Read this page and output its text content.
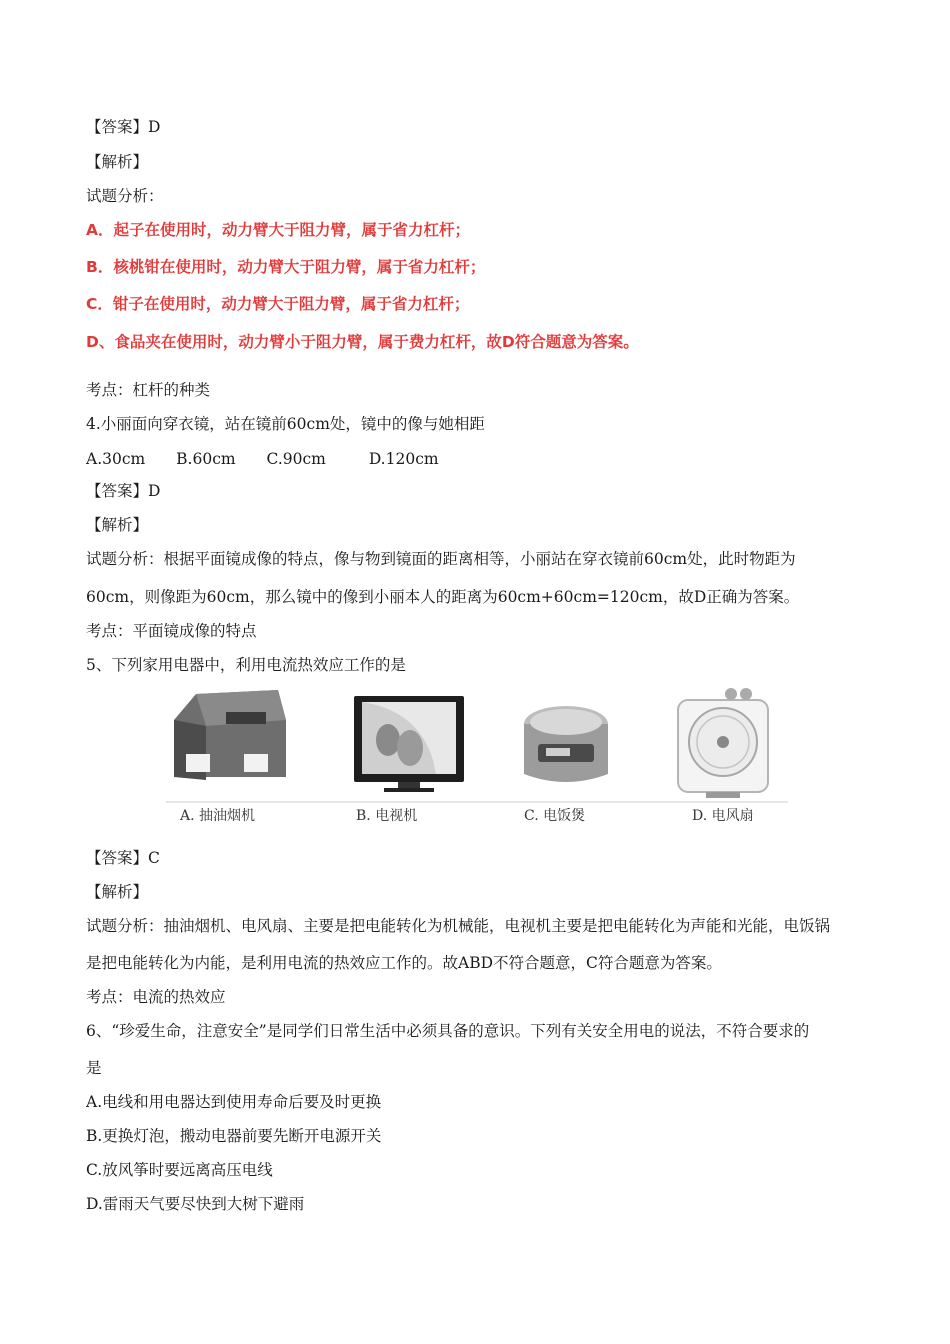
【答案】D
【解析】
试题分析：
A．起子在使用时，动力臂大于阻力臂，属于省力杠杆；
B．核桃钳在使用时，动力臂大于阻力臂，属于省力杠杆；
C．钳子在使用时，动力臂大于阻力臂，属于省力杠杆；
D、食品夹在使用时，动力臂小于阻力臂，属于费力杠杆，故D符合题意为答案。
考点：杠杆的种类
4.小丽面向穿衣镜，站在镜前60cm处，镜中的像与她相距
A.30cm B.60cm C.90cm	D.120cm
【答案】D
【解析】
试题分析：根据平面镜成像的特点，像与物到镜面的距离相等，小丽站在穿衣镜前60cm处，此时物距为
60cm，则像距为60cm，那么镜中的像到小丽本人的距离为60cm+60cm=120cm，故D正确为答案。
考点：平面镜成像的特点
5、下列家用电器中，利用电流热效应工作的是
A. 抽油烟机	B. 电视机	C. 电饭煲	D. 电风扇
【答案】C
【解析】
试题分析：抽油烟机、电风扇、主要是把电能转化为机械能，电视机主要是把电能转化为声能和光能，电饭锅
是把电能转化为内能，是利用电流的热效应工作的。故ABD不符合题意，C符合题意为答案。
考点：电流的热效应
6、“珍爱生命，注意安全”是同学们日常生活中必须具备的意识。下列有关安全用电的说法，不符合要求的
是
A.电线和用电器达到使用寿命后要及时更换
B.更换灯泡，搬动电器前要先断开电源开关
C.放风筝时要远离高压电线
D.雷雨天气要尽快到大树下避雨
